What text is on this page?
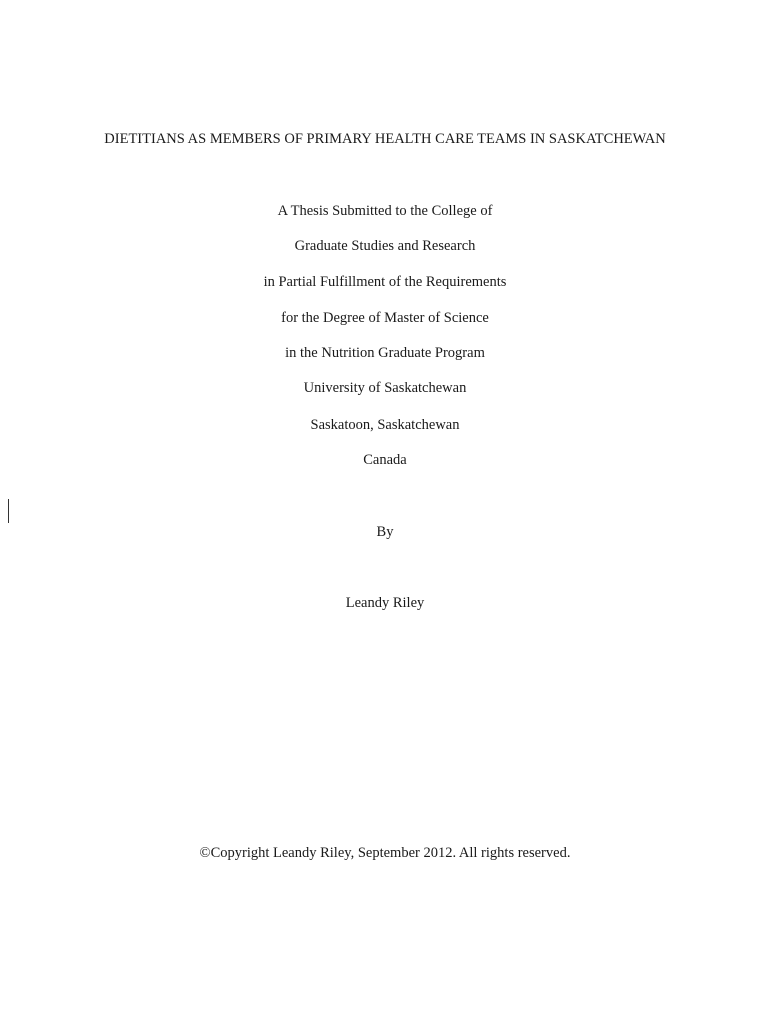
DIETITIANS AS MEMBERS OF PRIMARY HEALTH CARE TEAMS IN SASKATCHEWAN
A Thesis Submitted to the College of
Graduate Studies and Research
in Partial Fulfillment of the Requirements
for the Degree of Master of Science
in the Nutrition Graduate Program
University of Saskatchewan
Saskatoon, Saskatchewan
Canada
By
Leandy Riley
©Copyright Leandy Riley, September 2012. All rights reserved.
